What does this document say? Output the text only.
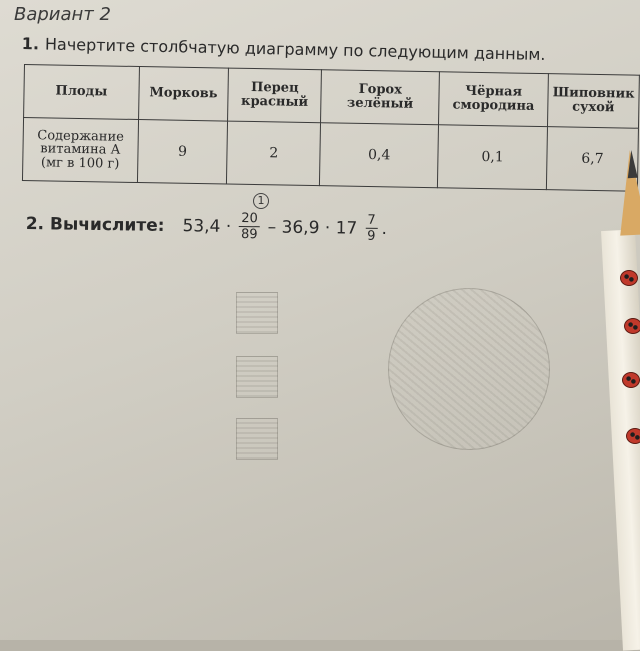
Вариант 2
1. Начертите столбчатую диаграмму по следующим данным.
Плоды	Морковь	Перец красный	Горох зелёный	Чёрная смородина	Шиповник сухой
Содержание витамина А (мг в 100 г)	9	2	0,4	0,1	6,7
1
2. Вычислите: $53,4 \cdot \frac{20}{89} - 36,9 \cdot 17 \frac{7}{9}$ .
